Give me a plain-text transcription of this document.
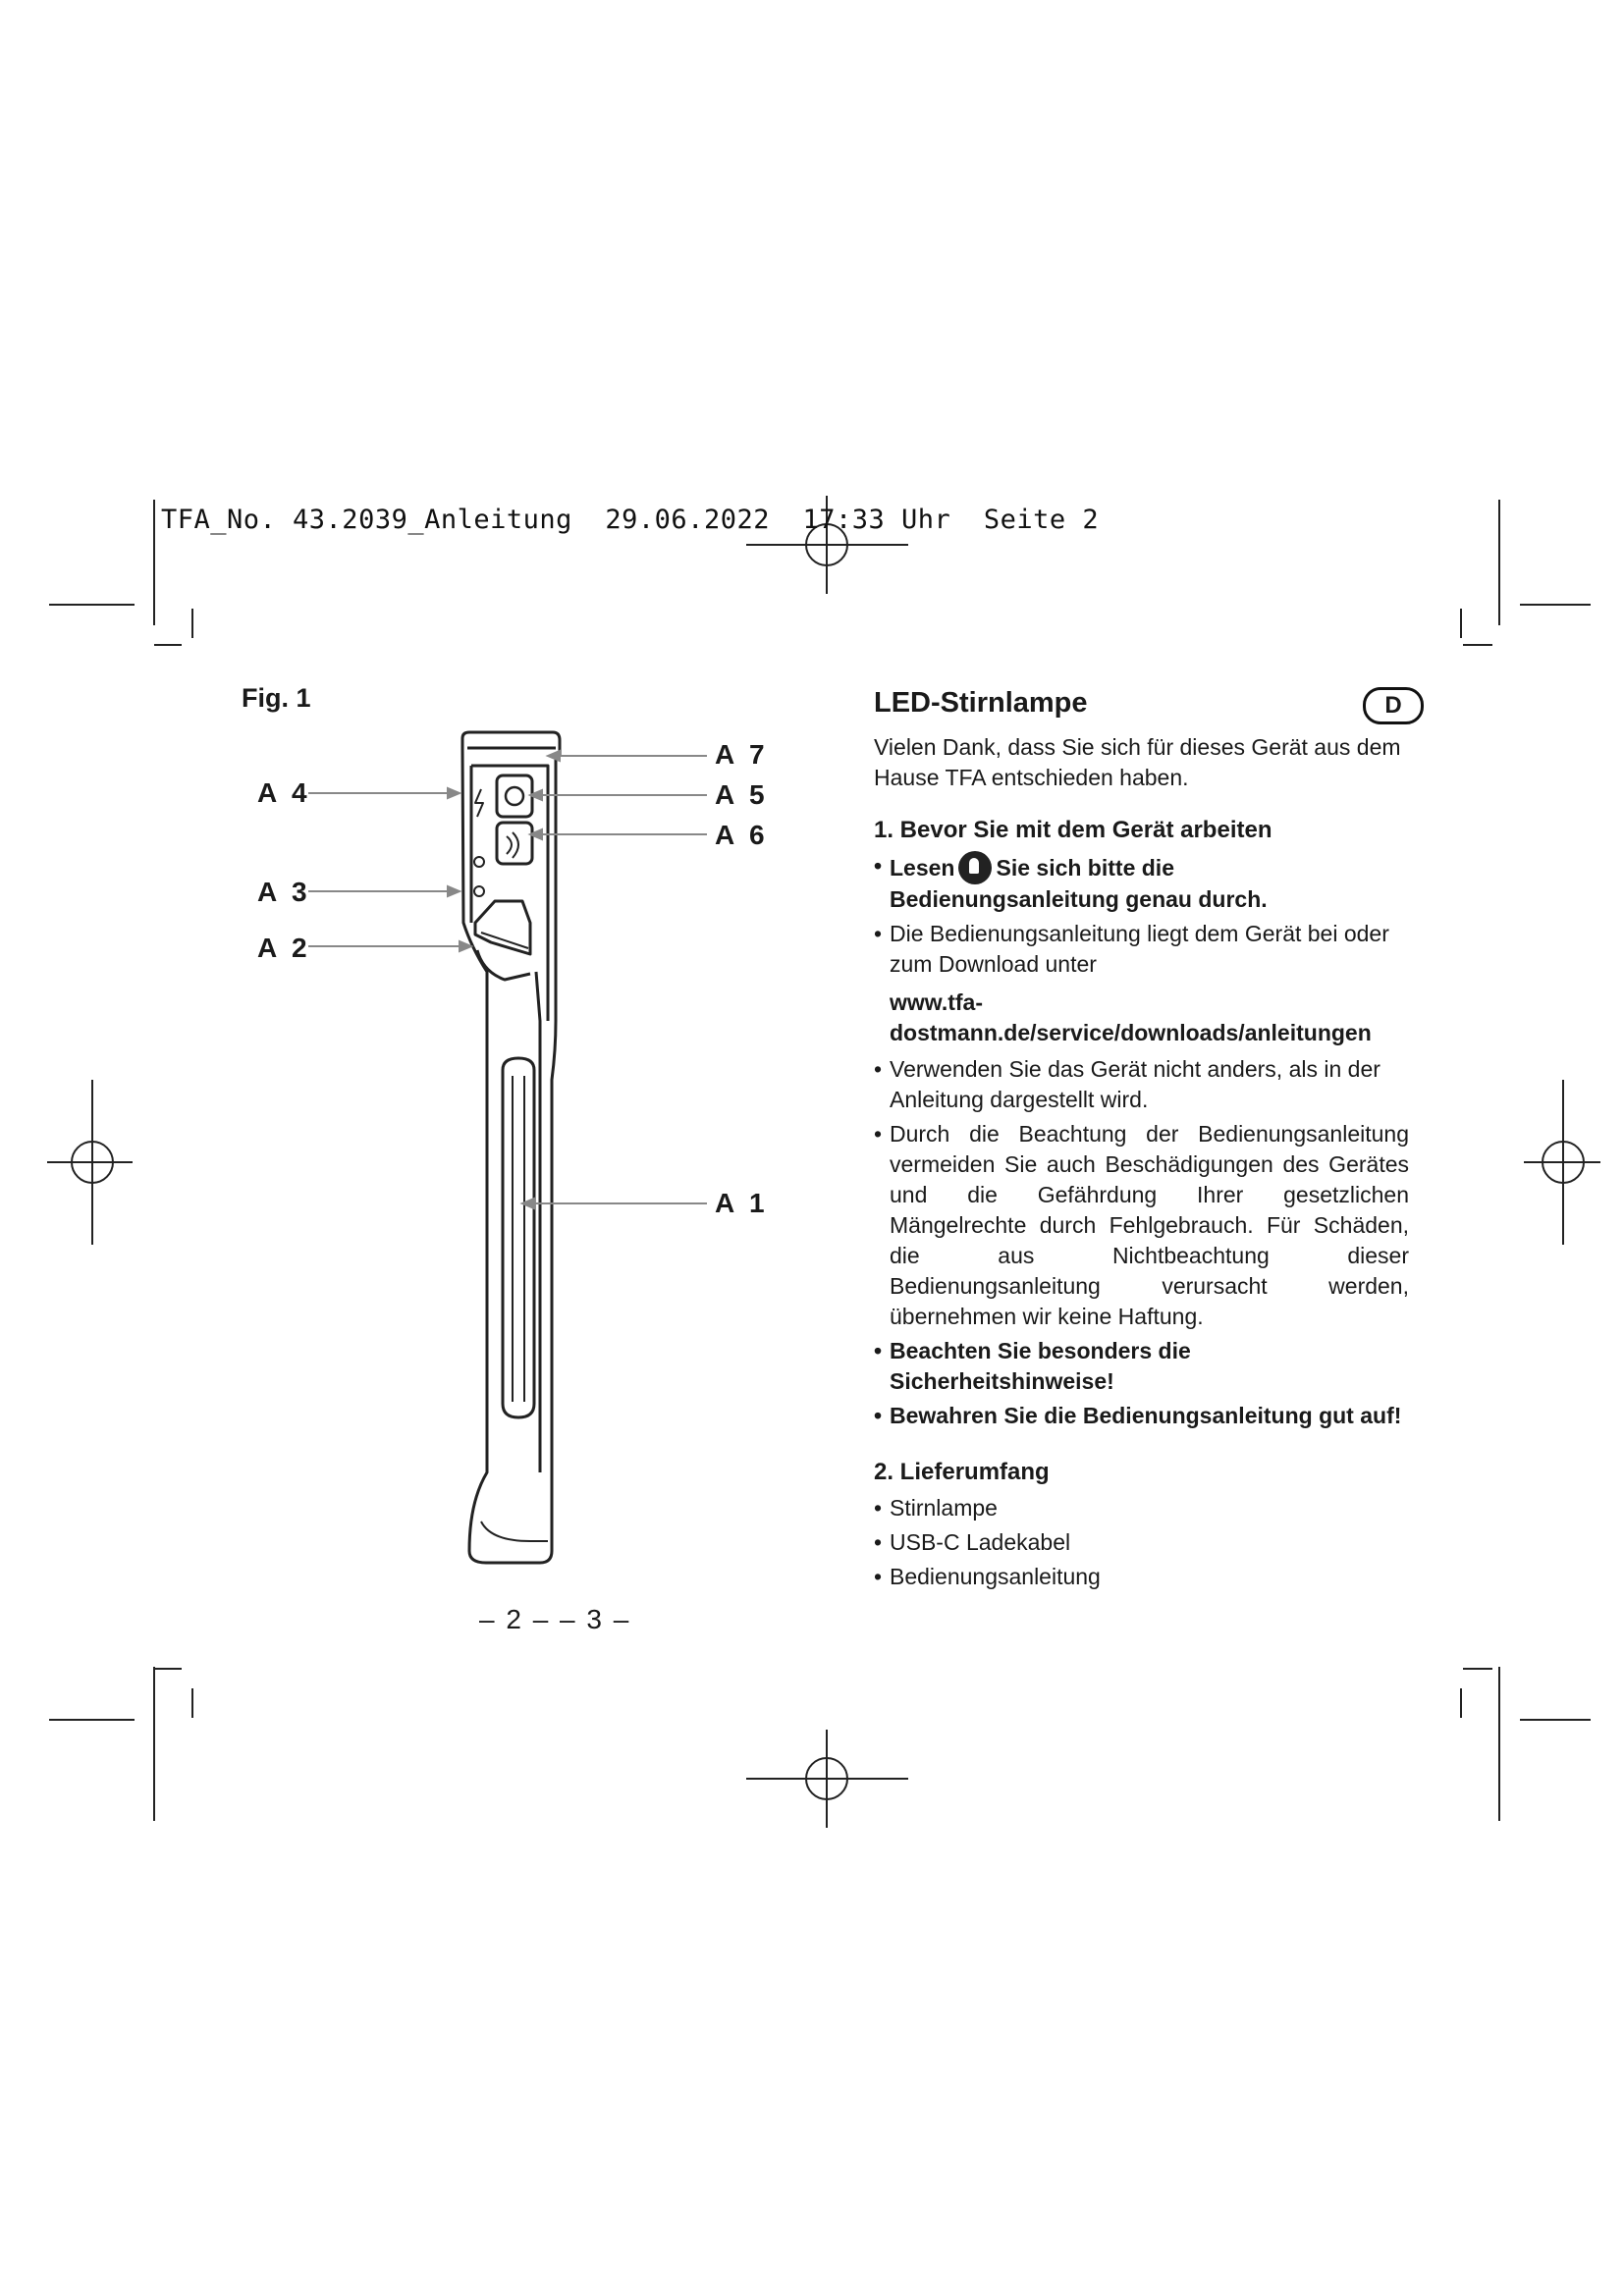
TFA_No. 43.2039_Anleitung 29.06.2022 17:33 Uhr Seite 2
Fig. 1
A 7
A 5
A 6
A 4
A 3
A 2
A 1
– 2 – – 3 –
LED-Stirnlampe	D

Vielen Dank, dass Sie sich für dieses Gerät aus dem Hause TFA entschieden haben.

1. Bevor Sie mit dem Gerät arbeiten
• Lesen Sie sich bitte die Bedienungsanleitung genau durch.
• Die Bedienungsanleitung liegt dem Gerät bei oder zum Download unter
www.tfa-dostmann.de/service/downloads/anleitungen
• Verwenden Sie das Gerät nicht anders, als in der Anleitung dargestellt wird.
• Durch die Beachtung der Bedienungsanleitung vermeiden Sie auch Beschädigungen des Gerätes und die Gefährdung Ihrer gesetzlichen Mängelrechte durch Fehlgebrauch. Für Schäden, die aus Nichtbeachtung dieser Bedienungsanleitung verursacht werden, übernehmen wir keine Haftung.
• Beachten Sie besonders die Sicherheitshinweise!
• Bewahren Sie die Bedienungsanleitung gut auf!
2. Lieferumfang
• Stirnlampe
• USB-C Ladekabel
• Bedienungsanleitung
